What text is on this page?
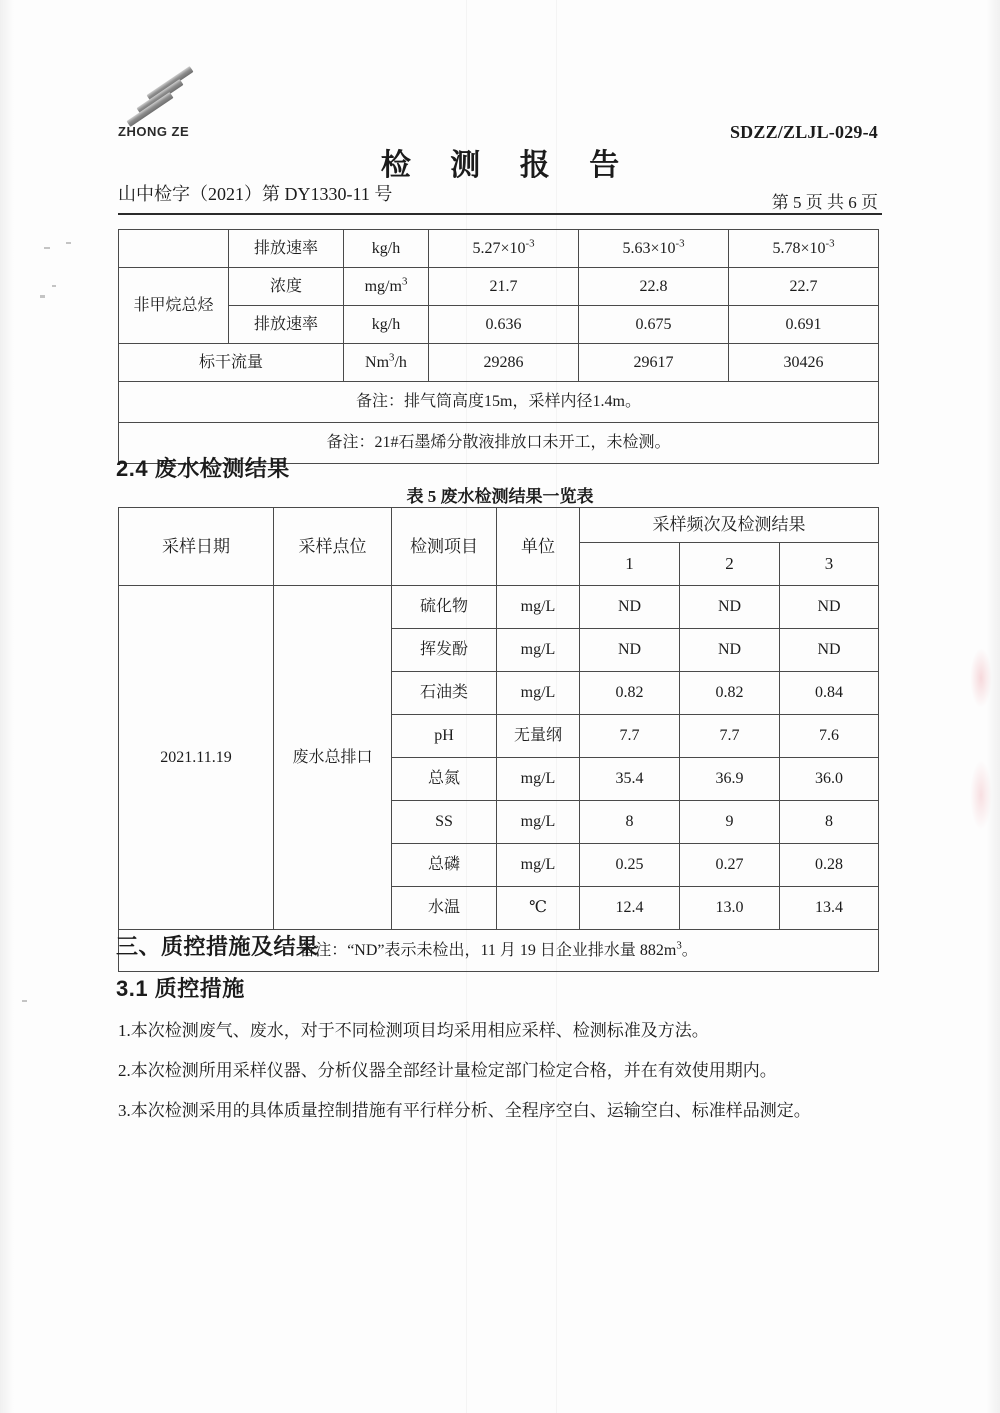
ZHONG ZE	SDZZ/ZLJL-029-4
检 测 报 告
山中检字（2021）第 DY1330-11 号	第 5 页 共 6 页
	排放速率	kg/h	$5.27\times 10^{-3}$	$5.63\times 10^{-3}$	$5.78\times 10^{-3}$
非甲烷总烃	浓度	$mg/m^3$	21.7	22.8	22.7
	排放速率	kg/h	0.636	0.675	0.691
标干流量		Nm$^3$/h	29286	29617	30426
备注：排气筒高度15m，采样内径1.4m。					
备注：21#石墨烯分散液排放口未开工，未检测。					
2.4 废水检测结果
表 5 废水检测结果一览表
采样日期	采样点位	检测项目	单位	采样频次及检测结果		
				1	2	3
2021.11.19	废水总排口	硫化物	mg/L	ND	ND	ND
		挥发酚	mg/L	ND	ND	ND
		石油类	mg/L	0.82	0.82	0.84
		pH	无量纲	7.7	7.7	7.6
		总氮	mg/L	35.4	36.9	36.0
		SS	mg/L	8	9	8
		总磷	mg/L	0.25	0.27	0.28
		水温	℃	12.4	13.0	13.4
备注：“ND”表示未检出，11 月 19 日企业排水量 $882m^3$。						
三、质控措施及结果
3.1 质控措施

1.本次检测废气、废水，对于不同检测项目均采用相应采样、检测标准及方法。

2.本次检测所用采样仪器、分析仪器全部经计量检定部门检定合格，并在有效使用期内。

3.本次检测采用的具体质量控制措施有平行样分析、全程序空白、运输空白、标准样品测定。
